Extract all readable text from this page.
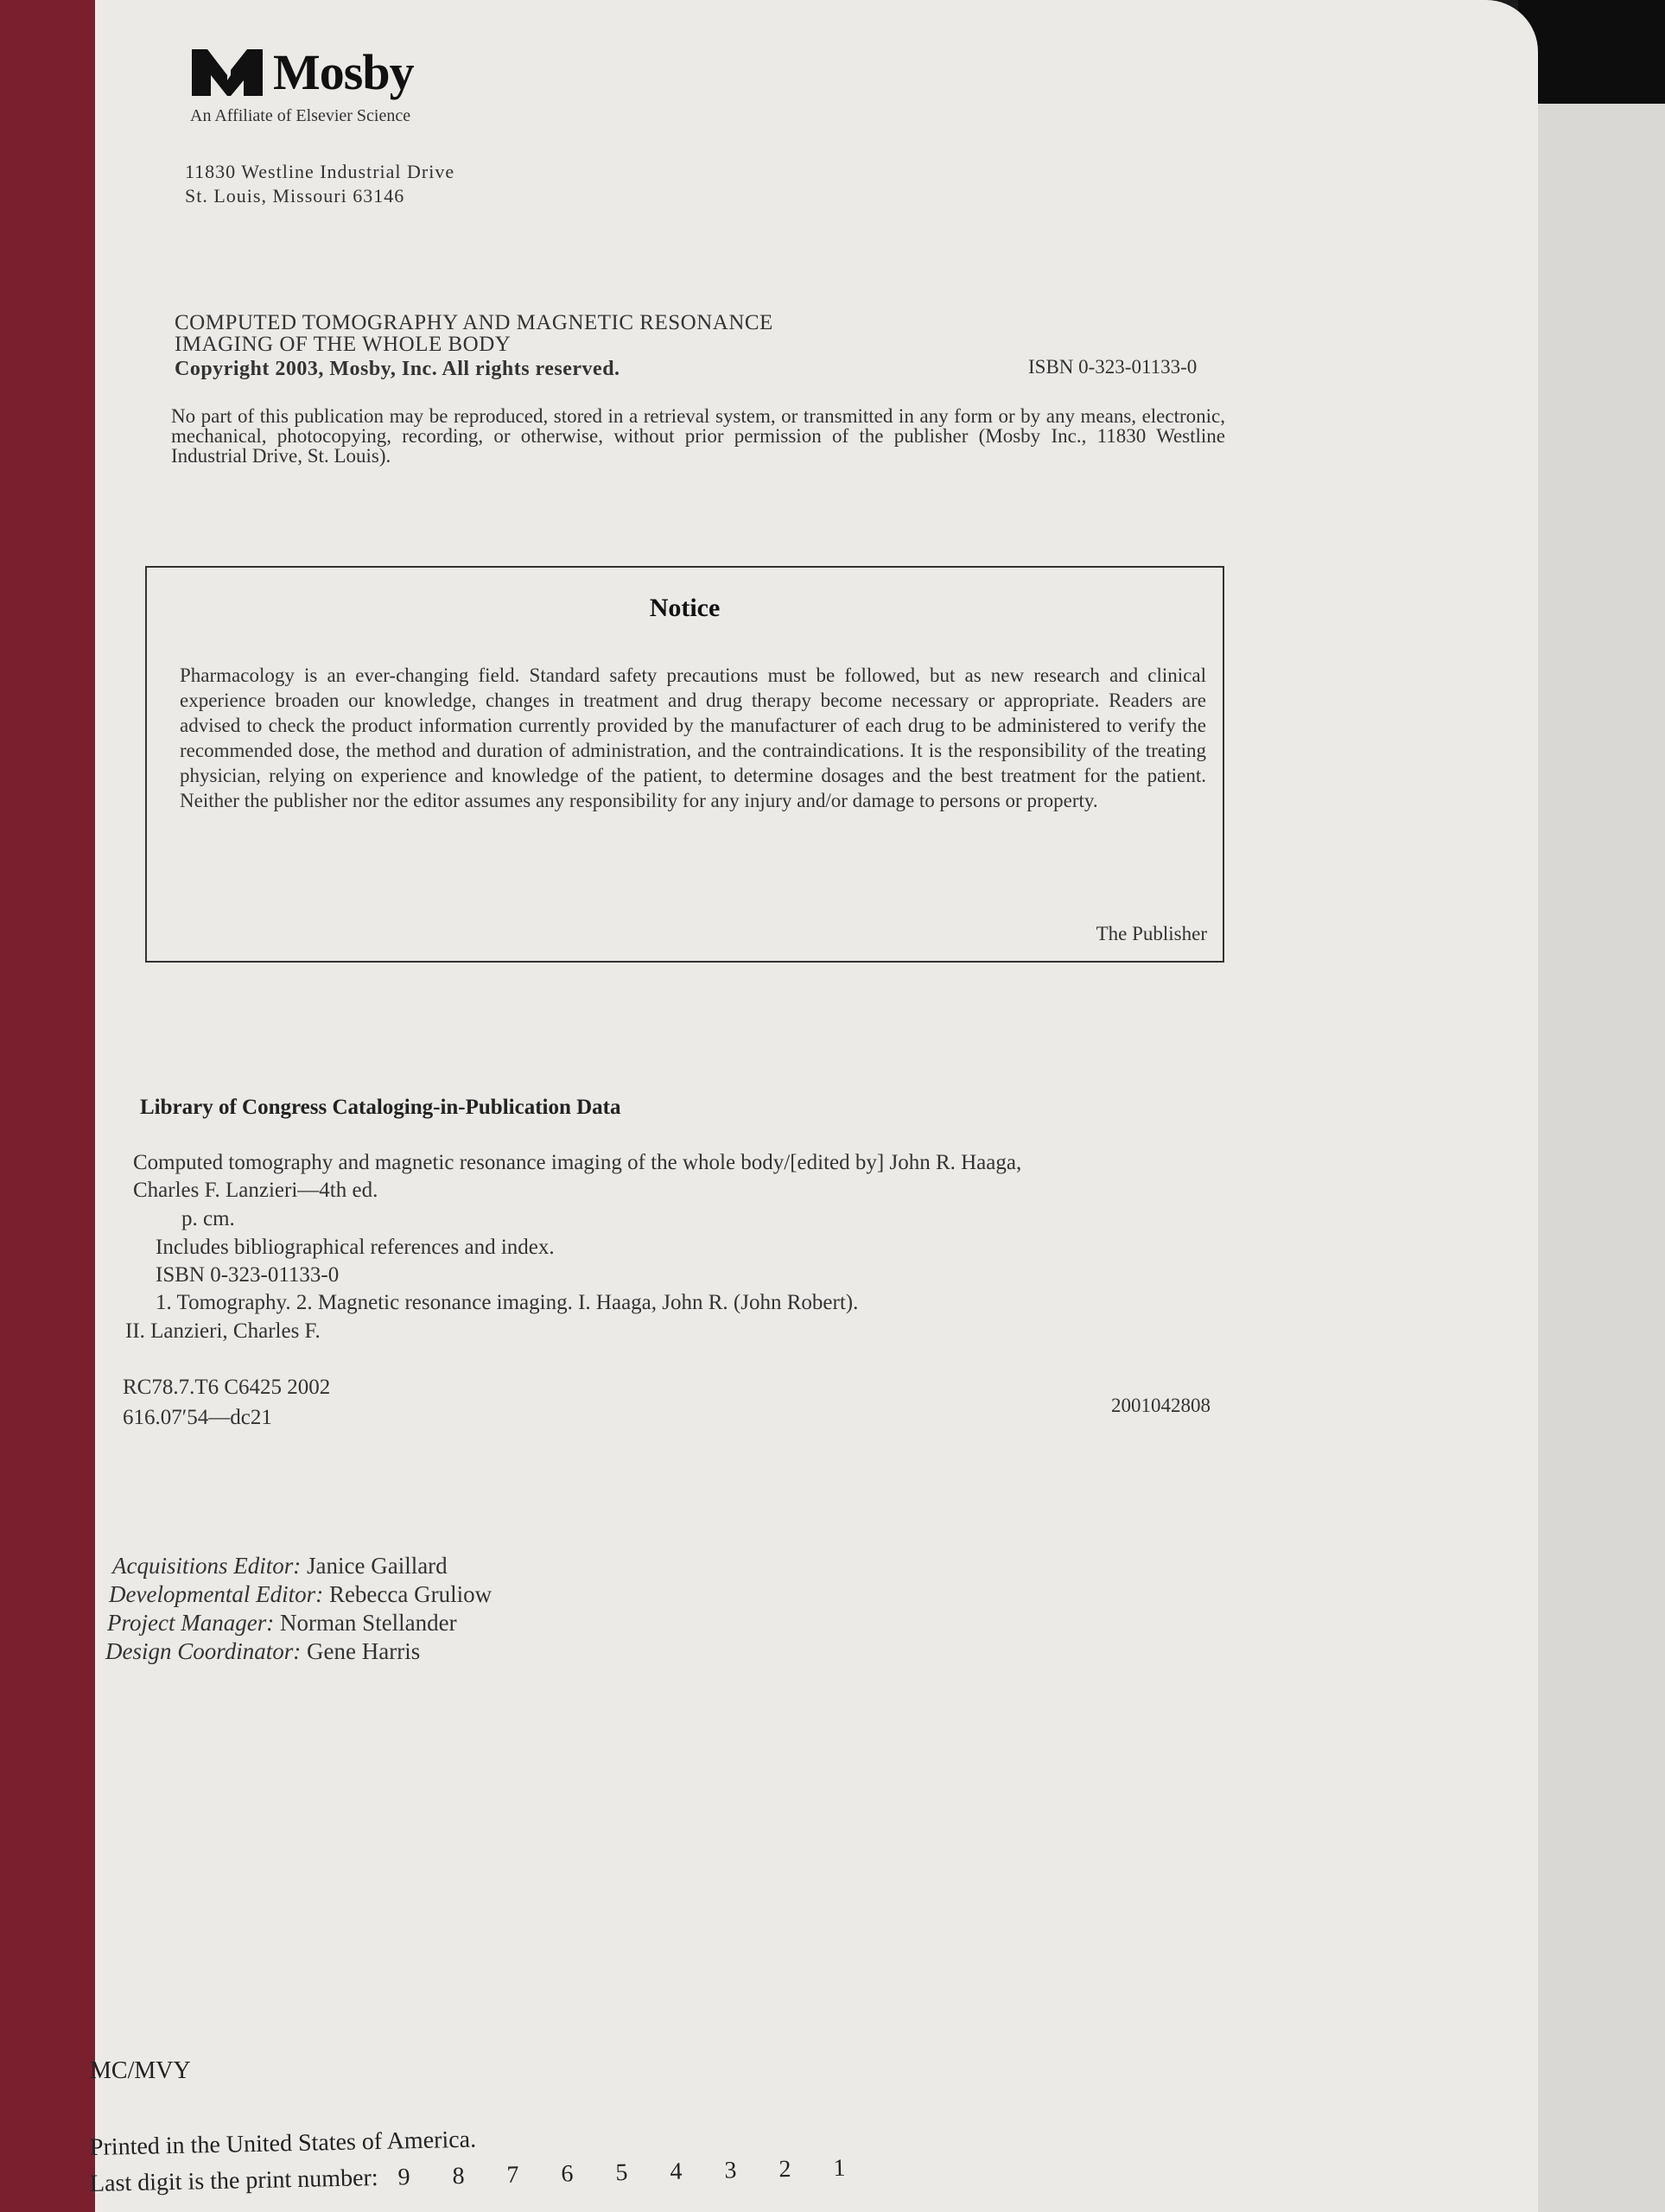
Mosby
An Affiliate of Elsevier Science
11830 Westline Industrial Drive
St. Louis, Missouri 63146
COMPUTED TOMOGRAPHY AND MAGNETIC RESONANCE
IMAGING OF THE WHOLE BODY
Copyright 2003, Mosby, Inc. All rights reserved.	ISBN 0-323-01133-0
No part of this publication may be reproduced, stored in a retrieval system, or transmitted in any form or by any means, electronic, mechanical, photocopying, recording, or otherwise, without prior permission of the publisher (Mosby Inc., 11830 Westline Industrial Drive, St. Louis).
Notice
Pharmacology is an ever-changing field. Standard safety precautions must be followed, but as new research and clinical experience broaden our knowledge, changes in treatment and drug therapy become necessary or appropriate. Readers are advised to check the product information currently provided by the manufacturer of each drug to be administered to verify the recommended dose, the method and duration of administration, and the contraindications. It is the responsibility of the treating physician, relying on experience and knowledge of the patient, to determine dosages and the best treatment for the patient. Neither the publisher nor the editor assumes any responsibility for any injury and/or damage to persons or property.
The Publisher
Library of Congress Cataloging-in-Publication Data
Computed tomography and magnetic resonance imaging of the whole body/[edited by] John R. Haaga,
Charles F. Lanzieri—4th ed.
p. cm.
Includes bibliographical references and index.
ISBN 0-323-01133-0
1. Tomography. 2. Magnetic resonance imaging. I. Haaga, John R. (John Robert).
II. Lanzieri, Charles F.
RC78.7.T6 C6425 2002
616.07′54—dc21
2001042808
Acquisitions Editor: Janice Gaillard
Developmental Editor: Rebecca Gruliow
Project Manager: Norman Stellander
Design Coordinator: Gene Harris
MC/MVY
Printed in the United States of America.
Last digit is the print number: 9 8 7 6 5 4 3 2 1
